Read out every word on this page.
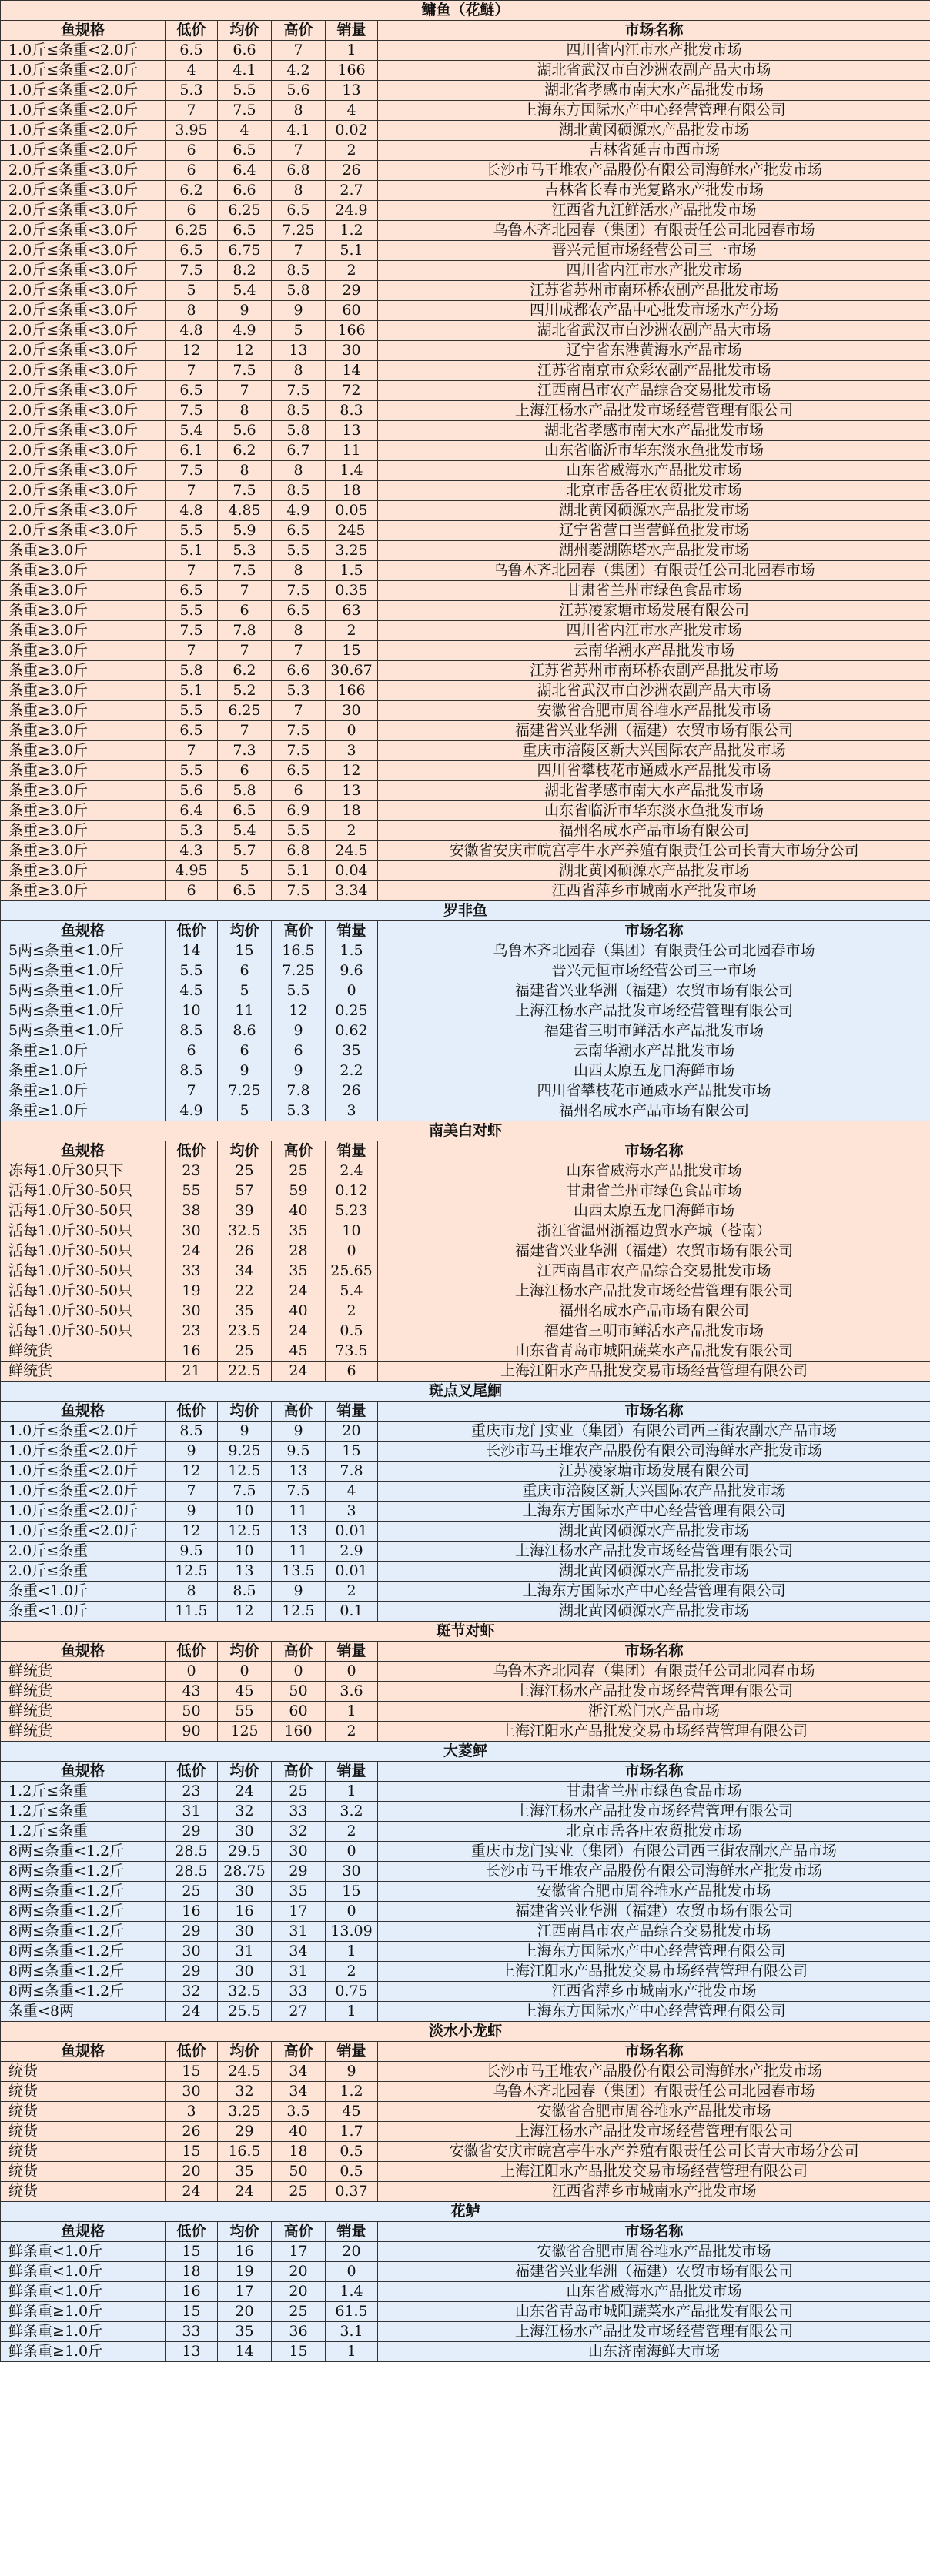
鳙鱼（花鲢）					
鱼规格	低价	均价	高价	销量	市场名称
1.0斤≤条重<2.0斤	6.5	6.6	7	1	四川省内江市水产批发市场
1.0斤≤条重<2.0斤	4	4.1	4.2	166	湖北省武汉市白沙洲农副产品大市场
1.0斤≤条重<2.0斤	5.3	5.5	5.6	13	湖北省孝感市南大水产品批发市场
1.0斤≤条重<2.0斤	7	7.5	8	4	上海东方国际水产中心经营管理有限公司
1.0斤≤条重<2.0斤	3.95	4	4.1	0.02	湖北黄冈硕源水产品批发市场
1.0斤≤条重<2.0斤	6	6.5	7	2	吉林省延吉市西市场
2.0斤≤条重<3.0斤	6	6.4	6.8	26	长沙市马王堆农产品股份有限公司海鲜水产批发市场
2.0斤≤条重<3.0斤	6.2	6.6	8	2.7	吉林省长春市光复路水产批发市场
2.0斤≤条重<3.0斤	6	6.25	6.5	24.9	江西省九江鲜活水产品批发市场
2.0斤≤条重<3.0斤	6.25	6.5	7.25	1.2	乌鲁木齐北园春（集团）有限责任公司北园春市场
2.0斤≤条重<3.0斤	6.5	6.75	7	5.1	晋兴元恒市场经营公司三一市场
2.0斤≤条重<3.0斤	7.5	8.2	8.5	2	四川省内江市水产批发市场
2.0斤≤条重<3.0斤	5	5.4	5.8	29	江苏省苏州市南环桥农副产品批发市场
2.0斤≤条重<3.0斤	8	9	9	60	四川成都农产品中心批发市场水产分场
2.0斤≤条重<3.0斤	4.8	4.9	5	166	湖北省武汉市白沙洲农副产品大市场
2.0斤≤条重<3.0斤	12	12	13	30	辽宁省东港黄海水产品市场
2.0斤≤条重<3.0斤	7	7.5	8	14	江苏省南京市众彩农副产品批发市场
2.0斤≤条重<3.0斤	6.5	7	7.5	72	江西南昌市农产品综合交易批发市场
2.0斤≤条重<3.0斤	7.5	8	8.5	8.3	上海江杨水产品批发市场经营管理有限公司
2.0斤≤条重<3.0斤	5.4	5.6	5.8	13	湖北省孝感市南大水产品批发市场
2.0斤≤条重<3.0斤	6.1	6.2	6.7	11	山东省临沂市华东淡水鱼批发市场
2.0斤≤条重<3.0斤	7.5	8	8	1.4	山东省威海水产品批发市场
2.0斤≤条重<3.0斤	7	7.5	8.5	18	北京市岳各庄农贸批发市场
2.0斤≤条重<3.0斤	4.8	4.85	4.9	0.05	湖北黄冈硕源水产品批发市场
2.0斤≤条重<3.0斤	5.5	5.9	6.5	245	辽宁省营口当营鲜鱼批发市场
条重≥3.0斤	5.1	5.3	5.5	3.25	湖州菱湖陈塔水产品批发市场
条重≥3.0斤	7	7.5	8	1.5	乌鲁木齐北园春（集团）有限责任公司北园春市场
条重≥3.0斤	6.5	7	7.5	0.35	甘肃省兰州市绿色食品市场
条重≥3.0斤	5.5	6	6.5	63	江苏凌家塘市场发展有限公司
条重≥3.0斤	7.5	7.8	8	2	四川省内江市水产批发市场
条重≥3.0斤	7	7	7	15	云南华潮水产品批发市场
条重≥3.0斤	5.8	6.2	6.6	30.67	江苏省苏州市南环桥农副产品批发市场
条重≥3.0斤	5.1	5.2	5.3	166	湖北省武汉市白沙洲农副产品大市场
条重≥3.0斤	5.5	6.25	7	30	安徽省合肥市周谷堆水产品批发市场
条重≥3.0斤	6.5	7	7.5	0	福建省兴业华洲（福建）农贸市场有限公司
条重≥3.0斤	7	7.3	7.5	3	重庆市涪陵区新大兴国际农产品批发市场
条重≥3.0斤	5.5	6	6.5	12	四川省攀枝花市通威水产品批发市场
条重≥3.0斤	5.6	5.8	6	13	湖北省孝感市南大水产品批发市场
条重≥3.0斤	6.4	6.5	6.9	18	山东省临沂市华东淡水鱼批发市场
条重≥3.0斤	5.3	5.4	5.5	2	福州名成水产品市场有限公司
条重≥3.0斤	4.3	5.7	6.8	24.5	安徽省安庆市皖宫亭牛水产养殖有限责任公司长青大市场分公司
条重≥3.0斤	4.95	5	5.1	0.04	湖北黄冈硕源水产品批发市场
条重≥3.0斤	6	6.5	7.5	3.34	江西省萍乡市城南水产批发市场
罗非鱼					
鱼规格	低价	均价	高价	销量	市场名称
5两≤条重<1.0斤	14	15	16.5	1.5	乌鲁木齐北园春（集团）有限责任公司北园春市场
5两≤条重<1.0斤	5.5	6	7.25	9.6	晋兴元恒市场经营公司三一市场
5两≤条重<1.0斤	4.5	5	5.5	0	福建省兴业华洲（福建）农贸市场有限公司
5两≤条重<1.0斤	10	11	12	0.25	上海江杨水产品批发市场经营管理有限公司
5两≤条重<1.0斤	8.5	8.6	9	0.62	福建省三明市鲜活水产品批发市场
条重≥1.0斤	6	6	6	35	云南华潮水产品批发市场
条重≥1.0斤	8.5	9	9	2.2	山西太原五龙口海鲜市场
条重≥1.0斤	7	7.25	7.8	26	四川省攀枝花市通威水产品批发市场
条重≥1.0斤	4.9	5	5.3	3	福州名成水产品市场有限公司
南美白对虾					
鱼规格	低价	均价	高价	销量	市场名称
冻每1.0斤30只下	23	25	25	2.4	山东省威海水产品批发市场
活每1.0斤30-50只	55	57	59	0.12	甘肃省兰州市绿色食品市场
活每1.0斤30-50只	38	39	40	5.23	山西太原五龙口海鲜市场
活每1.0斤30-50只	30	32.5	35	10	浙江省温州浙福边贸水产城（苍南）
活每1.0斤30-50只	24	26	28	0	福建省兴业华洲（福建）农贸市场有限公司
活每1.0斤30-50只	33	34	35	25.65	江西南昌市农产品综合交易批发市场
活每1.0斤30-50只	19	22	24	5.4	上海江杨水产品批发市场经营管理有限公司
活每1.0斤30-50只	30	35	40	2	福州名成水产品市场有限公司
活每1.0斤30-50只	23	23.5	24	0.5	福建省三明市鲜活水产品批发市场
鲜统货	16	25	45	73.5	山东省青岛市城阳蔬菜水产品批发有限公司
鲜统货	21	22.5	24	6	上海江阳水产品批发交易市场经营管理有限公司
斑点叉尾鮰					
鱼规格	低价	均价	高价	销量	市场名称
1.0斤≤条重<2.0斤	8.5	9	9	20	重庆市龙门实业（集团）有限公司西三街农副水产品市场
1.0斤≤条重<2.0斤	9	9.25	9.5	15	长沙市马王堆农产品股份有限公司海鲜水产批发市场
1.0斤≤条重<2.0斤	12	12.5	13	7.8	江苏凌家塘市场发展有限公司
1.0斤≤条重<2.0斤	7	7.5	7.5	4	重庆市涪陵区新大兴国际农产品批发市场
1.0斤≤条重<2.0斤	9	10	11	3	上海东方国际水产中心经营管理有限公司
1.0斤≤条重<2.0斤	12	12.5	13	0.01	湖北黄冈硕源水产品批发市场
2.0斤≤条重	9.5	10	11	2.9	上海江杨水产品批发市场经营管理有限公司
2.0斤≤条重	12.5	13	13.5	0.01	湖北黄冈硕源水产品批发市场
条重<1.0斤	8	8.5	9	2	上海东方国际水产中心经营管理有限公司
条重<1.0斤	11.5	12	12.5	0.1	湖北黄冈硕源水产品批发市场
斑节对虾					
鱼规格	低价	均价	高价	销量	市场名称
鲜统货	0	0	0	0	乌鲁木齐北园春（集团）有限责任公司北园春市场
鲜统货	43	45	50	3.6	上海江杨水产品批发市场经营管理有限公司
鲜统货	50	55	60	1	浙江松门水产品市场
鲜统货	90	125	160	2	上海江阳水产品批发交易市场经营管理有限公司
大菱鲆					
鱼规格	低价	均价	高价	销量	市场名称
1.2斤≤条重	23	24	25	1	甘肃省兰州市绿色食品市场
1.2斤≤条重	31	32	33	3.2	上海江杨水产品批发市场经营管理有限公司
1.2斤≤条重	29	30	32	2	北京市岳各庄农贸批发市场
8两≤条重<1.2斤	28.5	29.5	30	0	重庆市龙门实业（集团）有限公司西三街农副水产品市场
8两≤条重<1.2斤	28.5	28.75	29	30	长沙市马王堆农产品股份有限公司海鲜水产批发市场
8两≤条重<1.2斤	25	30	35	15	安徽省合肥市周谷堆水产品批发市场
8两≤条重<1.2斤	16	16	17	0	福建省兴业华洲（福建）农贸市场有限公司
8两≤条重<1.2斤	29	30	31	13.09	江西南昌市农产品综合交易批发市场
8两≤条重<1.2斤	30	31	34	1	上海东方国际水产中心经营管理有限公司
8两≤条重<1.2斤	29	30	31	2	上海江阳水产品批发交易市场经营管理有限公司
8两≤条重<1.2斤	32	32.5	33	0.75	江西省萍乡市城南水产批发市场
条重<8两	24	25.5	27	1	上海东方国际水产中心经营管理有限公司
淡水小龙虾					
鱼规格	低价	均价	高价	销量	市场名称
统货	15	24.5	34	9	长沙市马王堆农产品股份有限公司海鲜水产批发市场
统货	30	32	34	1.2	乌鲁木齐北园春（集团）有限责任公司北园春市场
统货	3	3.25	3.5	45	安徽省合肥市周谷堆水产品批发市场
统货	26	29	40	1.7	上海江杨水产品批发市场经营管理有限公司
统货	15	16.5	18	0.5	安徽省安庆市皖宫亭牛水产养殖有限责任公司长青大市场分公司
统货	20	35	50	0.5	上海江阳水产品批发交易市场经营管理有限公司
统货	24	24	25	0.37	江西省萍乡市城南水产批发市场
花鲈					
鱼规格	低价	均价	高价	销量	市场名称
鲜条重<1.0斤	15	16	17	20	安徽省合肥市周谷堆水产品批发市场
鲜条重<1.0斤	18	19	20	0	福建省兴业华洲（福建）农贸市场有限公司
鲜条重<1.0斤	16	17	20	1.4	山东省威海水产品批发市场
鲜条重≥1.0斤	15	20	25	61.5	山东省青岛市城阳蔬菜水产品批发有限公司
鲜条重≥1.0斤	33	35	36	3.1	上海江杨水产品批发市场经营管理有限公司
鲜条重≥1.0斤	13	14	15	1	山东济南海鲜大市场
